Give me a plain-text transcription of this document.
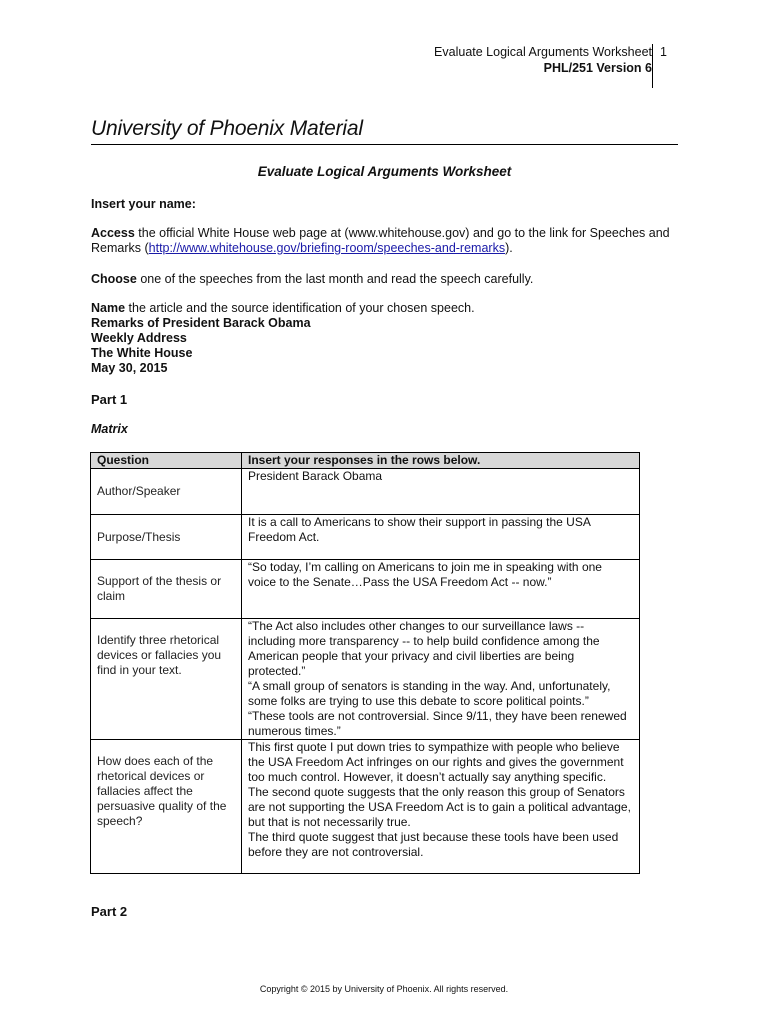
Evaluate Logical Arguments Worksheet
PHL/251 Version 6
1
University of Phoenix Material
Evaluate Logical Arguments Worksheet
Insert your name:
Access the official White House web page at (www.whitehouse.gov) and go to the link for Speeches and Remarks (http://www.whitehouse.gov/briefing-room/speeches-and-remarks).
Choose one of the speeches from the last month and read the speech carefully.
Name the article and the source identification of your chosen speech.
Remarks of President Barack Obama
Weekly Address
The White House
May 30, 2015
Part 1
Matrix
Question	Insert your responses in the rows below.
Author/Speaker	President Barack Obama

Purpose/Thesis	It is a call to Americans to show their support in passing the USA Freedom Act.

Support of the thesis or claim	“So today, I’m calling on Americans to join me in speaking with one voice to the Senate…Pass the USA Freedom Act -- now.”

Identify three rhetorical devices or fallacies you find in your text.	“The Act also includes other changes to our surveillance laws -- including more transparency -- to help build confidence among the American people that your privacy and civil liberties are being protected.”
“A small group of senators is standing in the way. And, unfortunately, some folks are trying to use this debate to score political points.”
“These tools are not controversial. Since 9/11, they have been renewed numerous times.”

How does each of the rhetorical devices or fallacies affect the persuasive quality of the speech?	This first quote I put down tries to sympathize with people who believe the USA Freedom Act infringes on our rights and gives the government too much control. However, it doesn’t actually say anything specific.
The second quote suggests that the only reason this group of Senators are not supporting the USA Freedom Act is to gain a political advantage, but that is not necessarily true.
The third quote suggest that just because these tools have been used before they are not controversial.
Part 2
Copyright © 2015 by University of Phoenix. All rights reserved.
